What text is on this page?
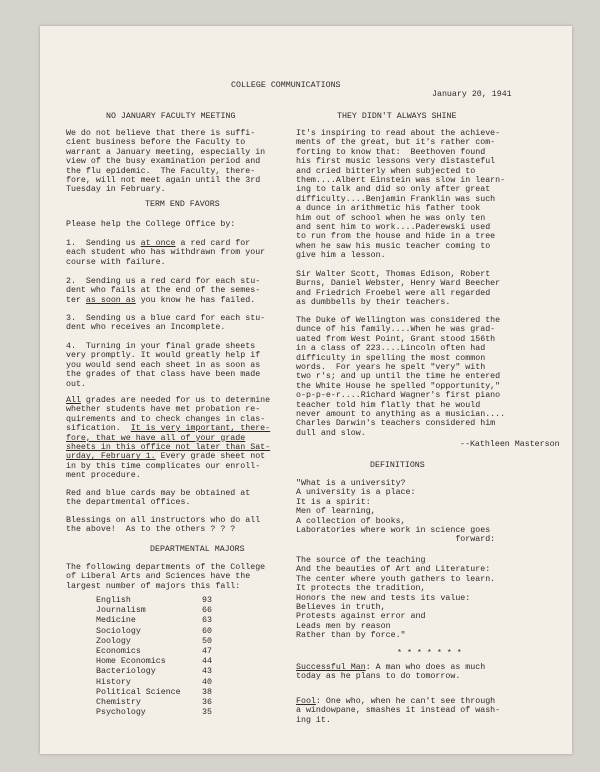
COLLEGE COMMUNICATIONS
January 20, 1941
NO JANUARY FACULTY MEETING
We do not believe that there is suffi-
cient business before the Faculty to
warrant a January meeting, especially in
view of the busy examination period and
the flu epidemic.  The Faculty, there-
fore, will not meet again until the 3rd
Tuesday in February.
TERM END FAVORS
Please help the College Office by:
1.  Sending us at once a red card for
each student who has withdrawn from your
course with failure.
2.  Sending us a red card for each stu-
dent who fails at the end of the semes-
ter as soon as you know he has failed.
3.  Sending us a blue card for each stu-
dent who receives an Incomplete.
4.  Turning in your final grade sheets
very promptly. It would greatly help if
you would send each sheet in as soon as
the grades of that class have been made
out.
All grades are needed for us to determine
whether students have met probation re-
quirements and to check changes in clas-
sification.  It is very important, there-
fore, that we have all of your grade
sheets in this office not later than Sat-
urday, February 1. Every grade sheet not
in by this time complicates our enroll-
ment procedure.
Red and blue cards may be obtained at
the departmental offices.
Blessings on all instructors who do all
the above!  As to the others ? ? ?
DEPARTMENTAL MAJORS
The following departments of the College
of Liberal Arts and Sciences have the
largest number of majors this fall:
English	93
Journalism	66
Medicine	63
Sociology	60
Zoology	50
Economics	47
Home Economics	44
Bacteriology	43
History	40
Political Science	38
Chemistry	36
Psychology	35
THEY DIDN'T ALWAYS SHINE
It's inspiring to read about the achieve-
ments of the great, but it's rather com-
forting to know that:  Beethoven found
his first music lessons very distasteful
and cried bitterly when subjected to
them....Albert Einstein was slow in learn-
ing to talk and did so only after great
difficulty....Benjamin Franklin was such
a dunce in arithmetic his father took
him out of school when he was only ten
and sent him to work....Paderewski used
to run from the house and hide in a tree
when he saw his music teacher coming to
give him a lesson.
Sir Walter Scott, Thomas Edison, Robert
Burns, Daniel Webster, Henry Ward Beecher
and Friedrich Froebel were all regarded
as dumbbells by their teachers.
The Duke of Wellington was considered the
dunce of his family....When he was grad-
uated from West Point, Grant stood 156th
in a class of 223....Lincoln often had
difficulty in spelling the most common
words.  For years he spelt "very" with
two r's; and up until the time he entered
the White House he spelled "opportunity,"
o-p-p-e-r....Richard Wagner's first piano
teacher told him flatly that he would
never amount to anything as a musician....
Charles Darwin's teachers considered him
dull and slow.
--Kathleen Masterson
DEFINITIONS
"What is a university?
A university is a place:
It is a spirit:
Men of learning,
A collection of books,
Laboratories where work in science goes
forward:
The source of the teaching
And the beauties of Art and Literature:
The center where youth gathers to learn.
It protects the tradition,
Honors the new and tests its value:
Believes in truth,
Protests against error and
Leads men by reason
Rather than by force."
* * * * * * *
Successful Man: A man who does as much
today as he plans to do tomorrow.
Fool: One who, when he can't see through
a windowpane, smashes it instead of wash-
ing it.
